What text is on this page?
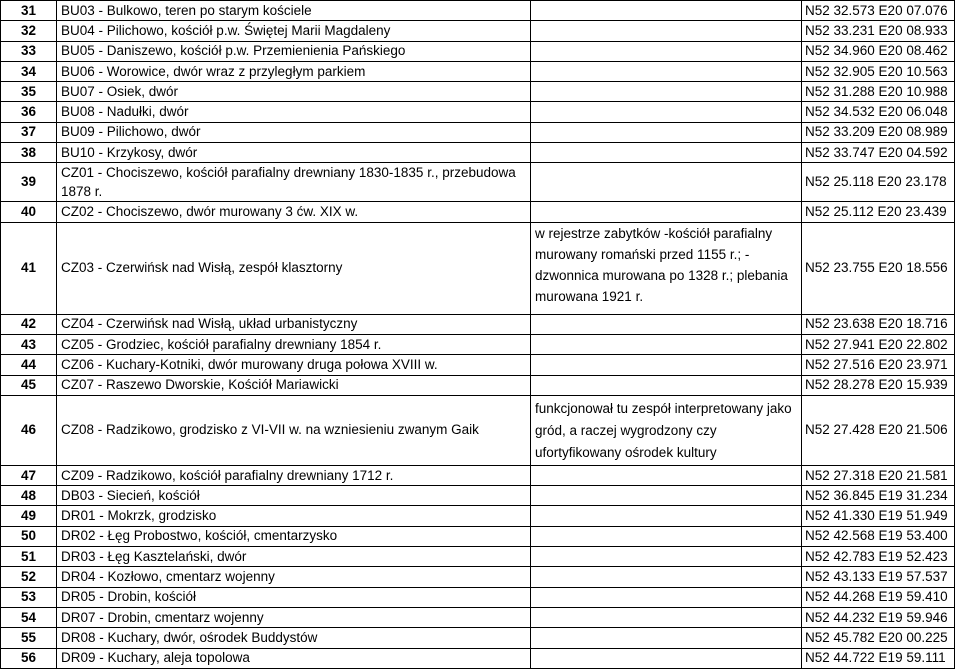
31	BU03 - Bulkowo, teren po starym kościele		N52 32.573 E20 07.076
32	BU04 - Pilichowo, kościół p.w. Świętej Marii Magdaleny		N52 33.231 E20 08.933
33	BU05 - Daniszewo, kościół p.w. Przemienienia Pańskiego		N52 34.960 E20 08.462
34	BU06 - Worowice, dwór wraz z przyległym parkiem		N52 32.905 E20 10.563
35	BU07 - Osiek, dwór		N52 31.288 E20 10.988
36	BU08 - Nadułki, dwór		N52 34.532 E20 06.048
37	BU09 - Pilichowo, dwór		N52 33.209 E20 08.989
38	BU10 - Krzykosy, dwór		N52 33.747 E20 04.592
39	CZ01 - Chociszewo, kościół parafialny drewniany 1830-1835 r., przebudowa 1878 r.		N52 25.118 E20 23.178
40	CZ02 - Chociszewo, dwór murowany 3 ćw. XIX w.		N52 25.112 E20 23.439
41	CZ03 - Czerwińsk nad Wisłą, zespół klasztorny	w rejestrze zabytków -kościół parafialny murowany romański przed 1155 r.; - dzwonnica murowana po 1328 r.; plebania murowana 1921 r.	N52 23.755 E20 18.556
42	CZ04 - Czerwińsk nad Wisłą, układ urbanistyczny		N52 23.638 E20 18.716
43	CZ05 - Grodziec, kościół parafialny drewniany 1854 r.		N52 27.941 E20 22.802
44	CZ06 - Kuchary-Kotniki, dwór murowany druga połowa XVIII w.		N52 27.516 E20 23.971
45	CZ07 - Raszewo Dworskie, Kościół Mariawicki		N52 28.278 E20 15.939
46	CZ08 - Radzikowo, grodzisko z VI-VII w. na wzniesieniu zwanym Gaik	funkcjonował tu zespół interpretowany jako gród, a raczej wygrodzony czy ufortyfikowany ośrodek kultury	N52 27.428 E20 21.506
47	CZ09 - Radzikowo, kościół parafialny drewniany 1712 r.		N52 27.318 E20 21.581
48	DB03 - Siecień, kościół		N52 36.845 E19 31.234
49	DR01 - Mokrzk, grodzisko		N52 41.330 E19 51.949
50	DR02 - Łęg Probostwo, kościół, cmentarzysko		N52 42.568 E19 53.400
51	DR03 - Łęg Kasztelański, dwór		N52 42.783 E19 52.423
52	DR04 - Kozłowo, cmentarz wojenny		N52 43.133 E19 57.537
53	DR05 - Drobin, kościół		N52 44.268 E19 59.410
54	DR07 - Drobin, cmentarz wojenny		N52 44.232 E19 59.946
55	DR08 - Kuchary, dwór, ośrodek Buddystów		N52 45.782 E20 00.225
56	DR09 - Kuchary, aleja topolowa		N52 44.722 E19 59.111
